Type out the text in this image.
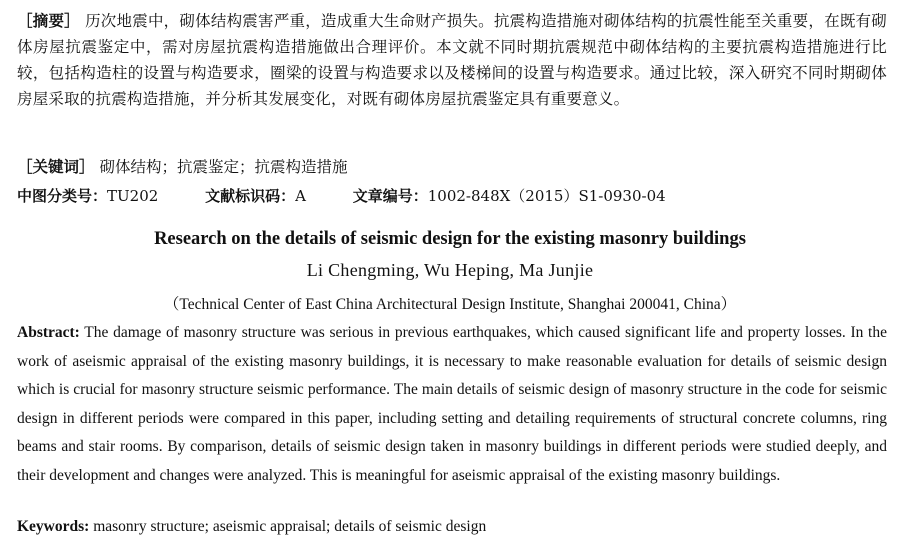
［摘要］ 历次地震中，砌体结构震害严重，造成重大生命财产损失。抗震构造措施对砌体结构的抗震性能至关重要，在既有砌体房屋抗震鉴定中，需对房屋抗震构造措施做出合理评价。本文就不同时期抗震规范中砌体结构的主要抗震构造措施进行比较，包括构造柱的设置与构造要求，圈梁的设置与构造要求以及楼梯间的设置与构造要求。通过比较，深入研究不同时期砌体房屋采取的抗震构造措施，并分析其发展变化，对既有砌体房屋抗震鉴定具有重要意义。
［关键词］ 砌体结构；抗震鉴定；抗震构造措施
中图分类号：TU202	文献标识码：A	文章编号：1002-848X（2015）S1-0930-04
Research on the details of seismic design for the existing masonry buildings
Li Chengming, Wu Heping, Ma Junjie
（Technical Center of East China Architectural Design Institute, Shanghai 200041, China）
Abstract: The damage of masonry structure was serious in previous earthquakes, which caused significant life and property losses. In the work of aseismic appraisal of the existing masonry buildings, it is necessary to make reasonable evaluation for details of seismic design which is crucial for masonry structure seismic performance. The main details of seismic design of masonry structure in the code for seismic design in different periods were compared in this paper, including setting and detailing requirements of structural concrete columns, ring beams and stair rooms. By comparison, details of seismic design taken in masonry buildings in different periods were studied deeply, and their development and changes were analyzed. This is meaningful for aseismic appraisal of the existing masonry buildings.
Keywords: masonry structure; aseismic appraisal; details of seismic design
